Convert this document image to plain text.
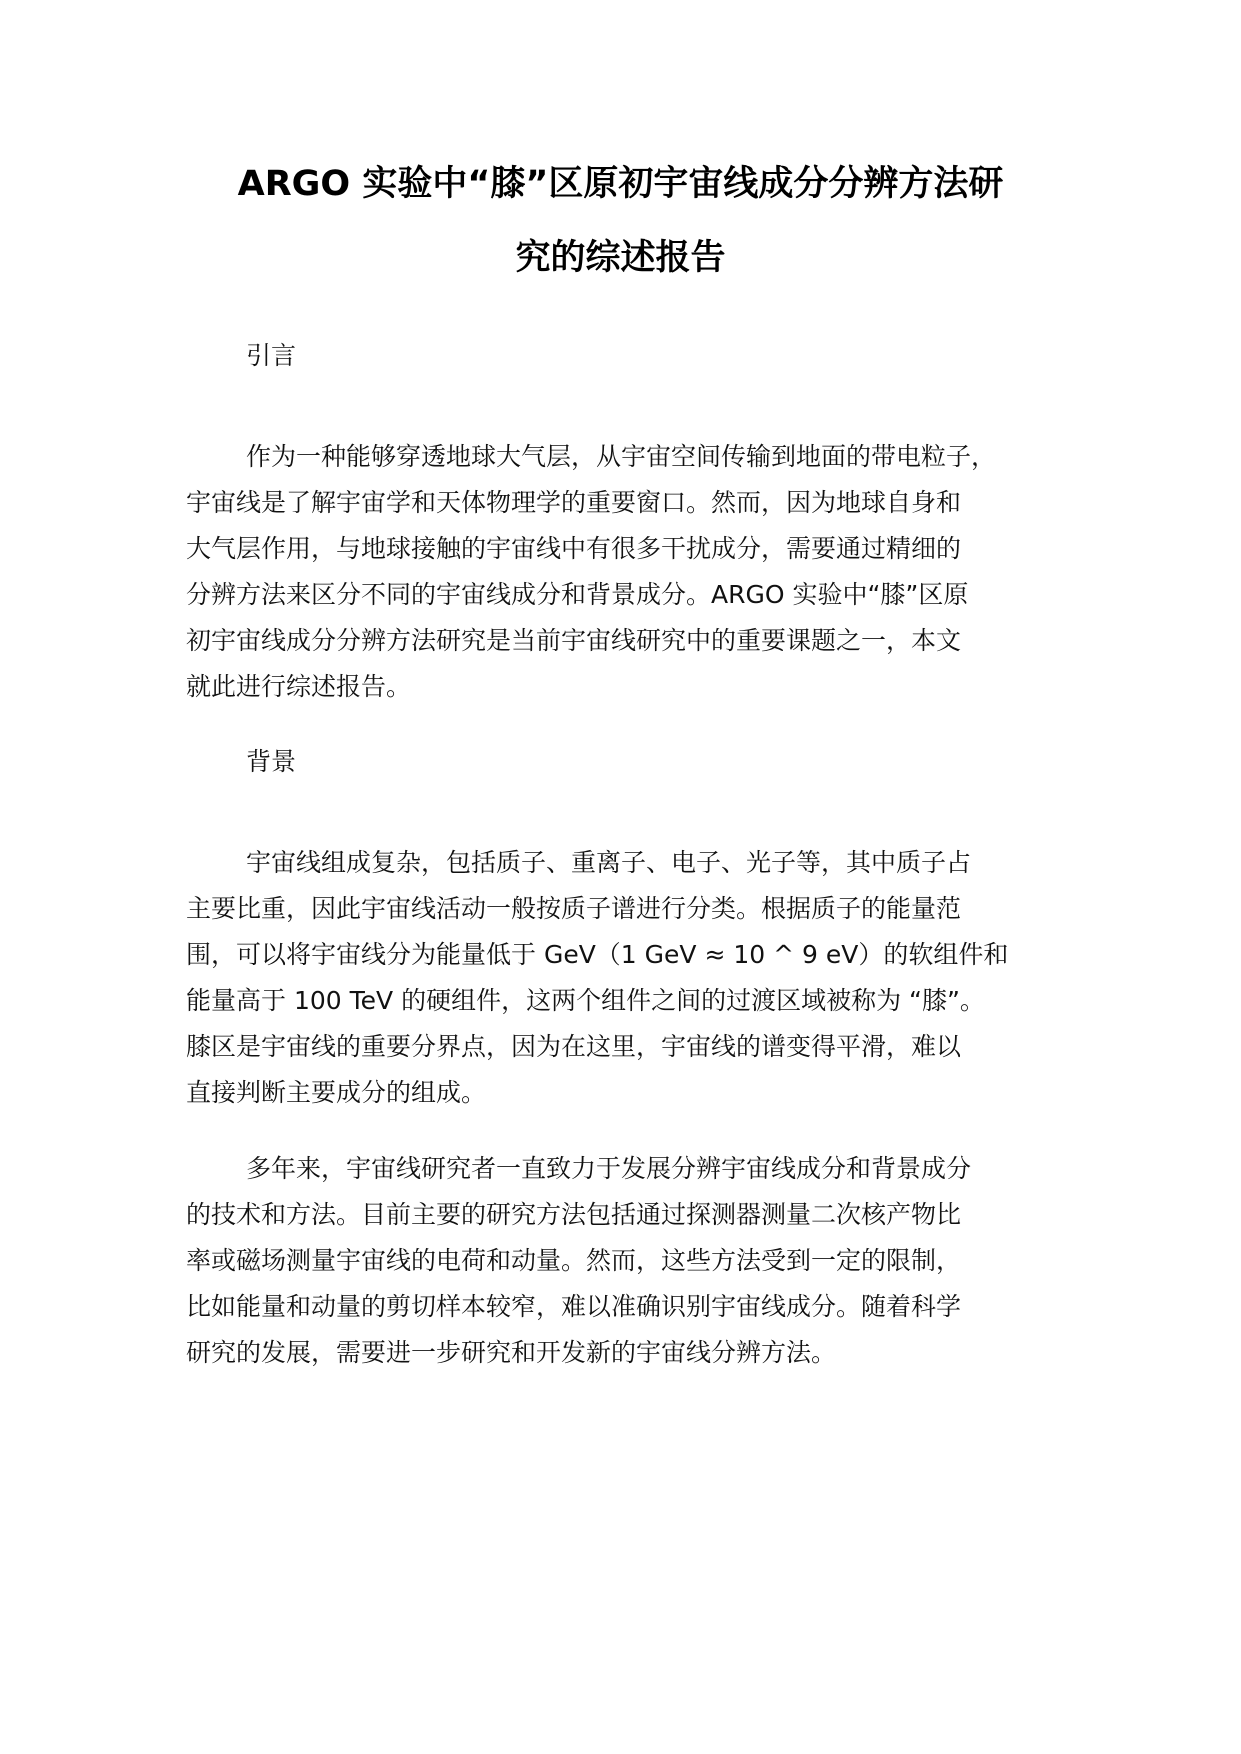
ARGO 实验中“膝”区原初宇宙线成分分辨方法研
究的综述报告
引言
作为一种能够穿透地球大气层，从宇宙空间传输到地面的带电粒子，
宇宙线是了解宇宙学和天体物理学的重要窗口。然而，因为地球自身和
大气层作用，与地球接触的宇宙线中有很多干扰成分，需要通过精细的
分辨方法来区分不同的宇宙线成分和背景成分。ARGO 实验中“膝”区原
初宇宙线成分分辨方法研究是当前宇宙线研究中的重要课题之一，本文
就此进行综述报告。
背景
宇宙线组成复杂，包括质子、重离子、电子、光子等，其中质子占
主要比重，因此宇宙线活动一般按质子谱进行分类。根据质子的能量范
围，可以将宇宙线分为能量低于 GeV（1 GeV ≈ 10 ^ 9 eV）的软组件和
能量高于 100 TeV 的硬组件，这两个组件之间的过渡区域被称为 “膝”。
膝区是宇宙线的重要分界点，因为在这里，宇宙线的谱变得平滑，难以
直接判断主要成分的组成。
多年来，宇宙线研究者一直致力于发展分辨宇宙线成分和背景成分
的技术和方法。目前主要的研究方法包括通过探测器测量二次核产物比
率或磁场测量宇宙线的电荷和动量。然而，这些方法受到一定的限制，
比如能量和动量的剪切样本较窄，难以准确识别宇宙线成分。随着科学
研究的发展，需要进一步研究和开发新的宇宙线分辨方法。
